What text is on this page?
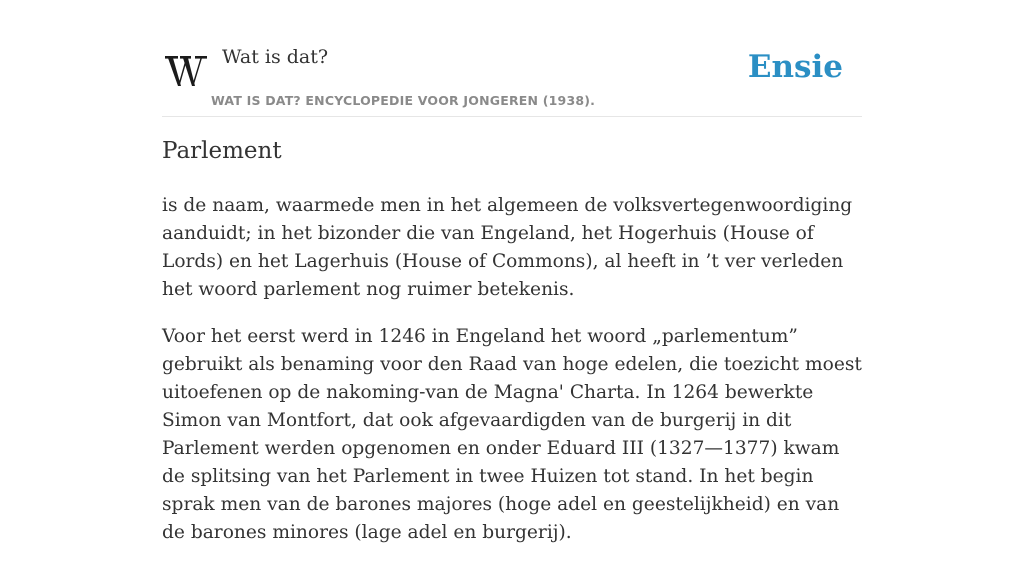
Wat is dat?
WAT IS DAT? ENCYCLOPEDIE VOOR JONGEREN (1938).
Ensie
Parlement

is de naam, waarmede men in het algemeen de volksvertegenwoordiging aanduidt; in het bizonder die van Engeland, het Hogerhuis (House of Lords) en het Lagerhuis (House of Commons), al heeft in ’t ver verleden het woord parlement nog ruimer betekenis.

Voor het eerst werd in 1246 in Engeland het woord „parlementum” gebruikt als benaming voor den Raad van hoge edelen, die toezicht moest uitoefenen op de nakoming-van de Magna' Charta. In 1264 bewerkte Simon van Montfort, dat ook afgevaardigden van de burgerij in dit Parlement werden opgenomen en onder Eduard III (1327—1377) kwam de splitsing van het Parlement in twee Huizen tot stand. In het begin sprak men van de barones majores (hoge adel en geestelijkheid) en van de barones minores (lage adel en burgerij).
